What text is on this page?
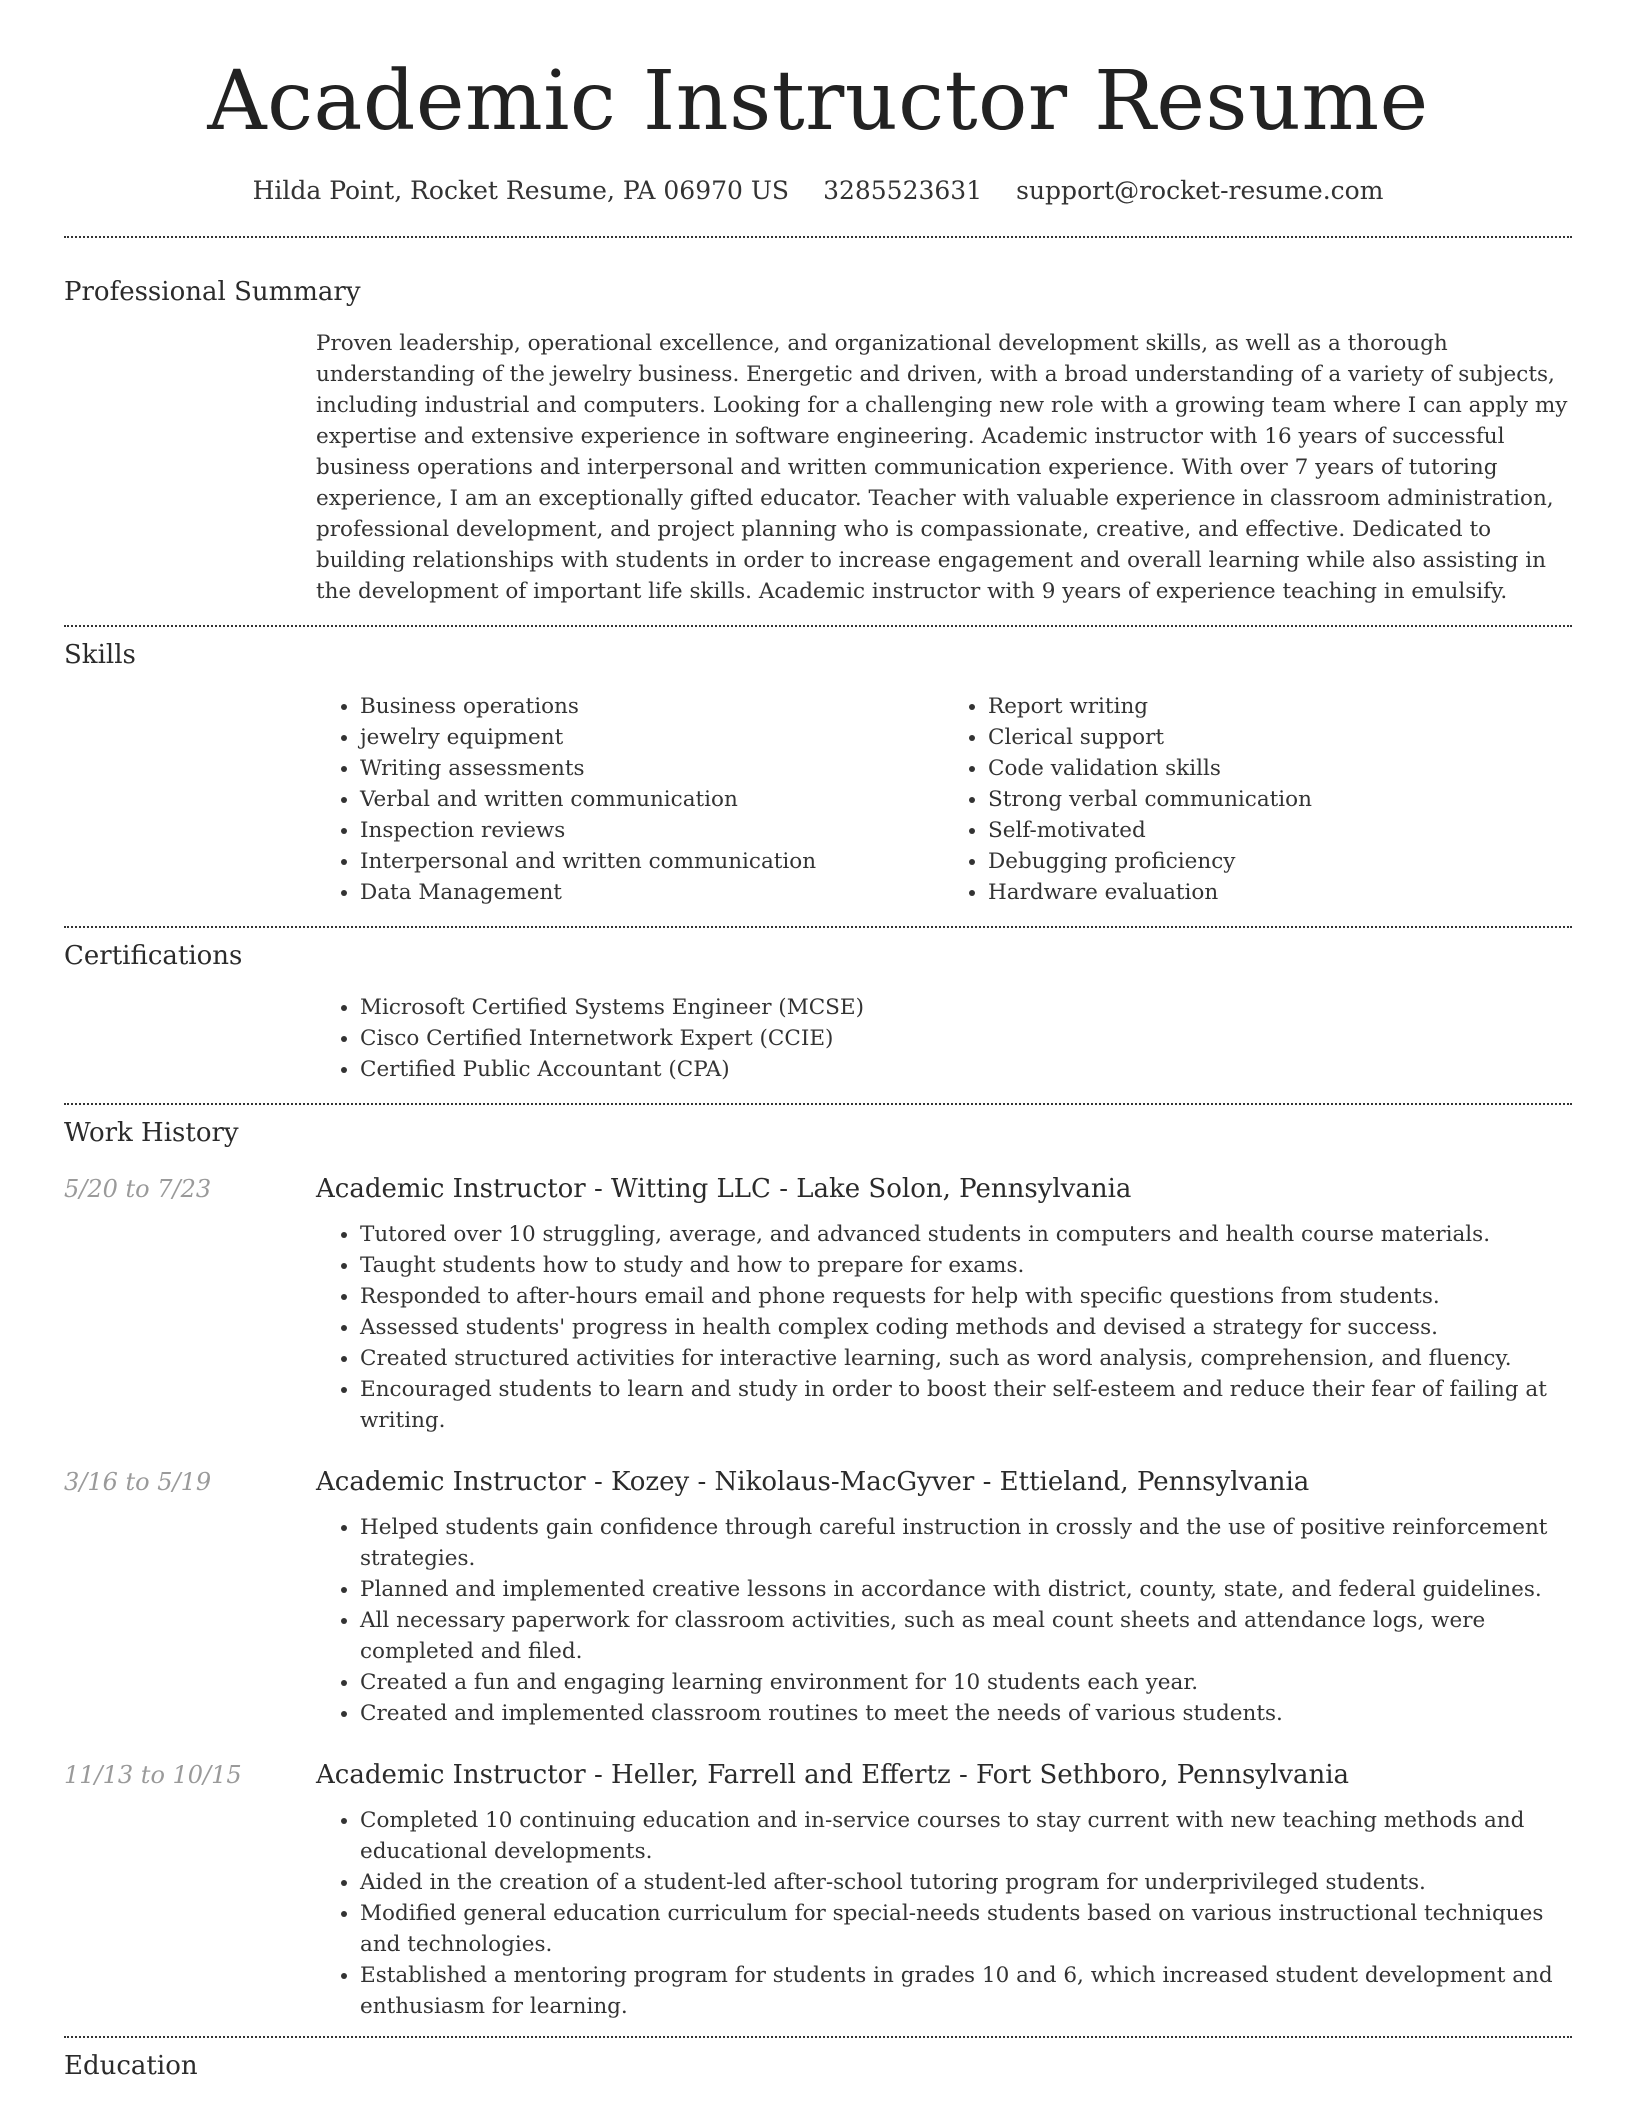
Academic Instructor Resume
Hilda Point, Rocket Resume, PA 06970 US 3285523631 support@rocket-resume.com
Professional Summary

Proven leadership, operational excellence, and organizational development skills, as well as a thorough understanding of the jewelry business. Energetic and driven, with a broad understanding of a variety of subjects, including industrial and computers. Looking for a challenging new role with a growing team where I can apply my expertise and extensive experience in software engineering. Academic instructor with 16 years of successful business operations and interpersonal and written communication experience. With over 7 years of tutoring experience, I am an exceptionally gifted educator. Teacher with valuable experience in classroom administration, professional development, and project planning who is compassionate, creative, and effective. Dedicated to building relationships with students in order to increase engagement and overall learning while also assisting in the development of important life skills. Academic instructor with 9 years of experience teaching in emulsify.

Skills
• Business operations
• jewelry equipment
• Writing assessments
• Verbal and written communication
• Inspection reviews
• Interpersonal and written communication
• Data Management
• Report writing
• Clerical support
• Code validation skills
• Strong verbal communication
• Self-motivated
• Debugging proficiency
• Hardware evaluation
Certifications
• Microsoft Certified Systems Engineer (MCSE)
• Cisco Certified Internetwork Expert (CCIE)
• Certified Public Accountant (CPA)
Work History
5/20 to 7/23	Academic Instructor - Witting LLC - Lake Solon, Pennsylvania
• Tutored over 10 struggling, average, and advanced students in computers and health course materials.
• Taught students how to study and how to prepare for exams.
• Responded to after-hours email and phone requests for help with specific questions from students.
• Assessed students' progress in health complex coding methods and devised a strategy for success.
• Created structured activities for interactive learning, such as word analysis, comprehension, and fluency.
• Encouraged students to learn and study in order to boost their self-esteem and reduce their fear of failing at writing.
3/16 to 5/19	Academic Instructor - Kozey - Nikolaus-MacGyver - Ettieland, Pennsylvania
• Helped students gain confidence through careful instruction in crossly and the use of positive reinforcement strategies.
• Planned and implemented creative lessons in accordance with district, county, state, and federal guidelines.
• All necessary paperwork for classroom activities, such as meal count sheets and attendance logs, were completed and filed.
• Created a fun and engaging learning environment for 10 students each year.
• Created and implemented classroom routines to meet the needs of various students.
11/13 to 10/15	Academic Instructor - Heller, Farrell and Effertz - Fort Sethboro, Pennsylvania
• Completed 10 continuing education and in-service courses to stay current with new teaching methods and educational developments.
• Aided in the creation of a student-led after-school tutoring program for underprivileged students.
• Modified general education curriculum for special-needs students based on various instructional techniques and technologies.
• Established a mentoring program for students in grades 10 and 6, which increased student development and enthusiasm for learning.
Education
